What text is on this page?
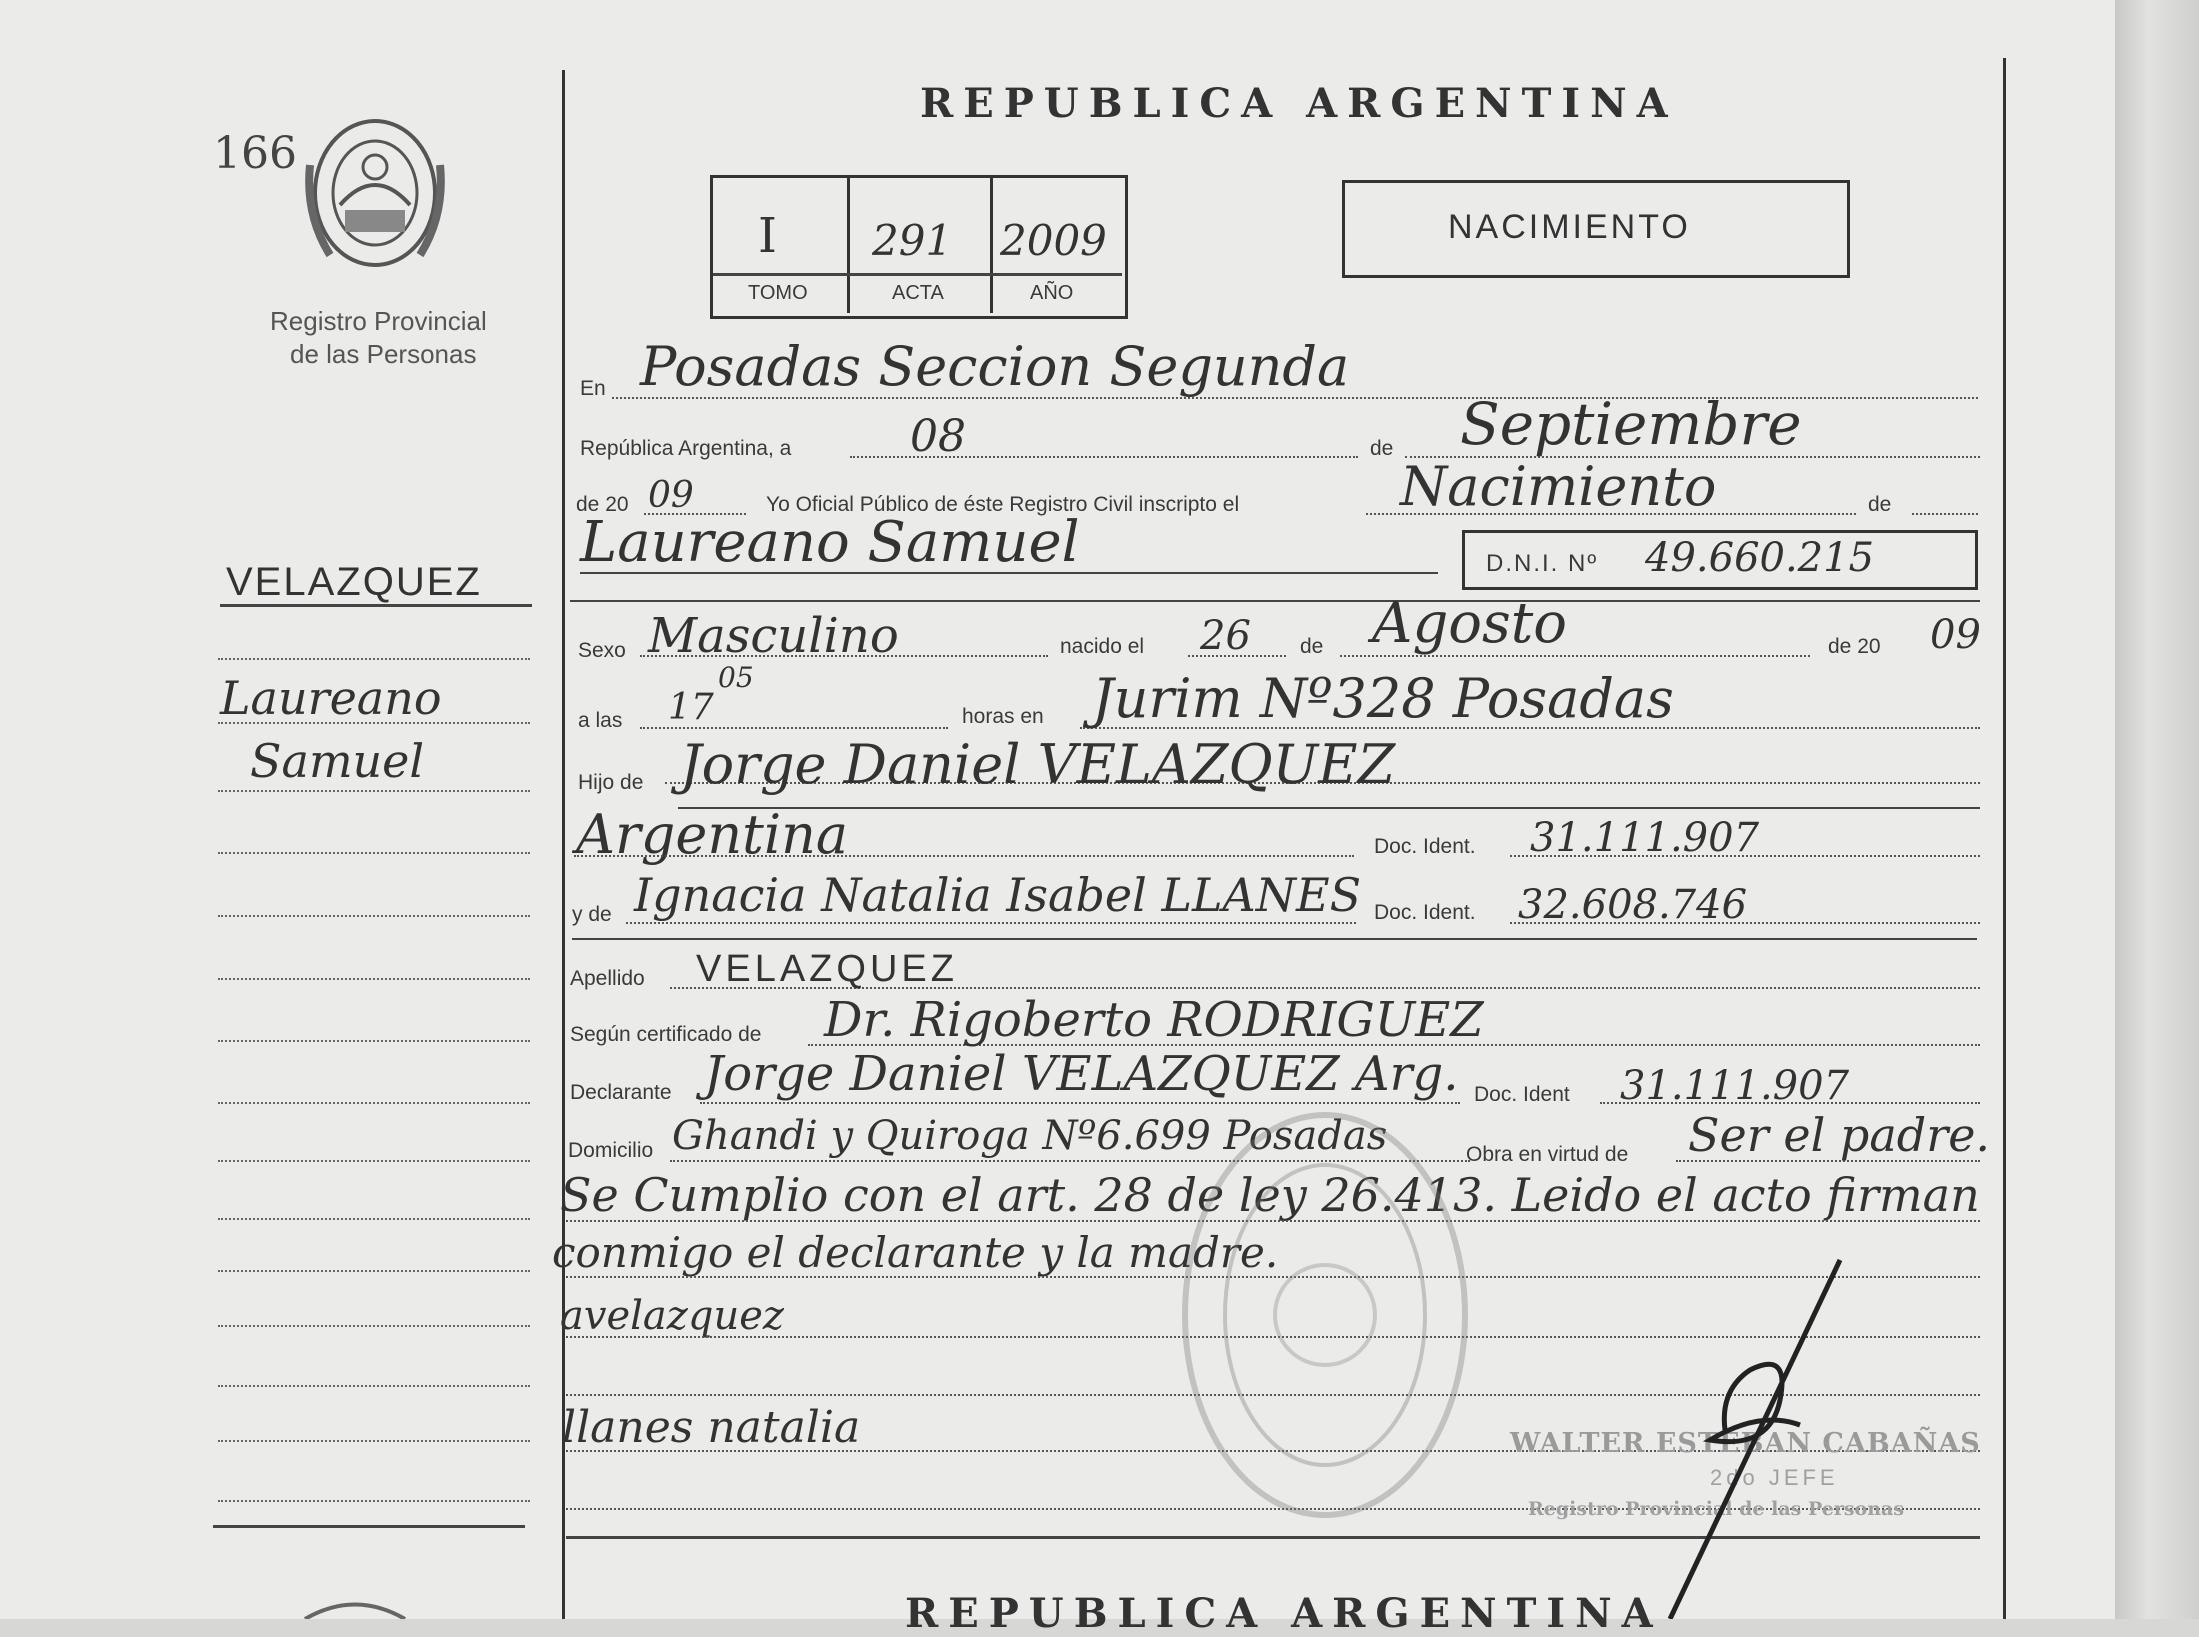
166
Registro Provincial
de las Personas
VELAZQUEZ
Laureano
Samuel
REPUBLICA ARGENTINA
I 291 2009
TOMO	ACTA	AÑO
NACIMIENTO
En Posadas Seccion Segunda
República Argentina, a	08	de Septiembre
de 20 09	Yo Oficial Público de éste Registro Civil inscripto el	Nacimiento	de
Laureano Samuel	D.N.I. Nº 49.660.215
Sexo Masculino	nacido el 26 de Agosto	de 20 09
a las 17
05
horas en Jurim Nº328 Posadas
Hijo de Jorge Daniel VELAZQUEZ
Argentina	Doc. Ident. 31.111.907
y de Ignacia Natalia Isabel LLANES Doc. Ident. 32.608.746
Apellido VELAZQUEZ
Según certificado de Dr. Rigoberto RODRIGUEZ
Declarante Jorge Daniel VELAZQUEZ Arg. Doc. Ident 31.111.907
Domicilio Ghandi y Quiroga Nº6.699 Posadas	Obra en virtud de Ser el padre.
Se Cumplio con el art. 28 de ley 26.413. Leido el acto firman
conmigo el declarante y la madre.
avelazquez
llanes natalia	WALTER ESTEBAN CABAÑAS
2do JEFE
Registro Provincial de las Personas
REPUBLICA ARGENTINA
